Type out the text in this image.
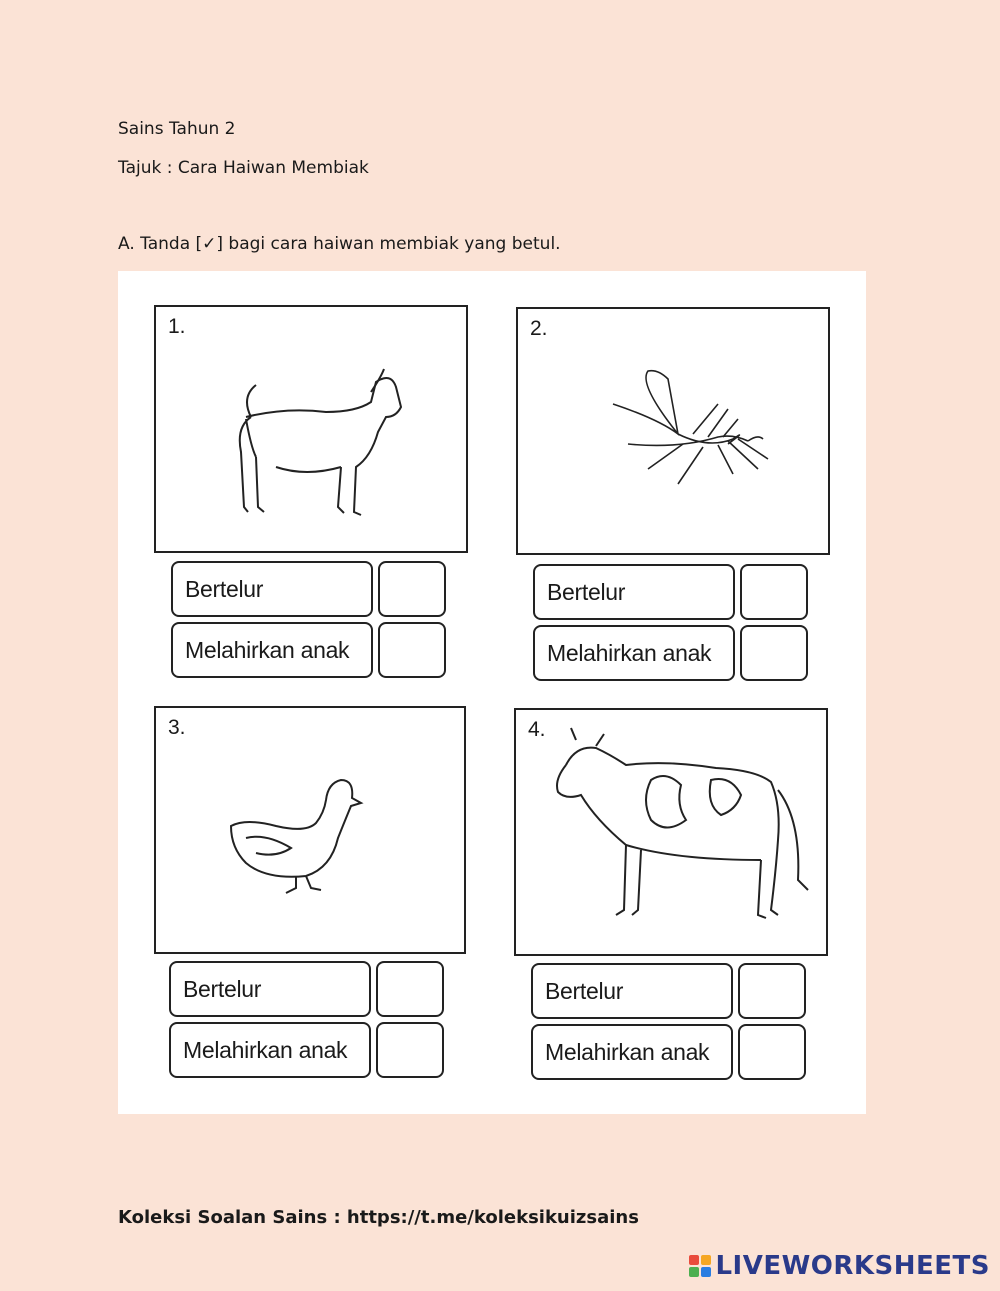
Sains Tahun 2
Tajuk : Cara Haiwan Membiak
A. Tanda [✓] bagi cara haiwan membiak yang betul.
1.
Bertelur
Melahirkan anak
2.
Bertelur
Melahirkan anak
3.
Bertelur
Melahirkan anak
4.
Bertelur
Melahirkan anak
Koleksi Soalan Sains : https://t.me/koleksikuizsains
LIVEWORKSHEETS
